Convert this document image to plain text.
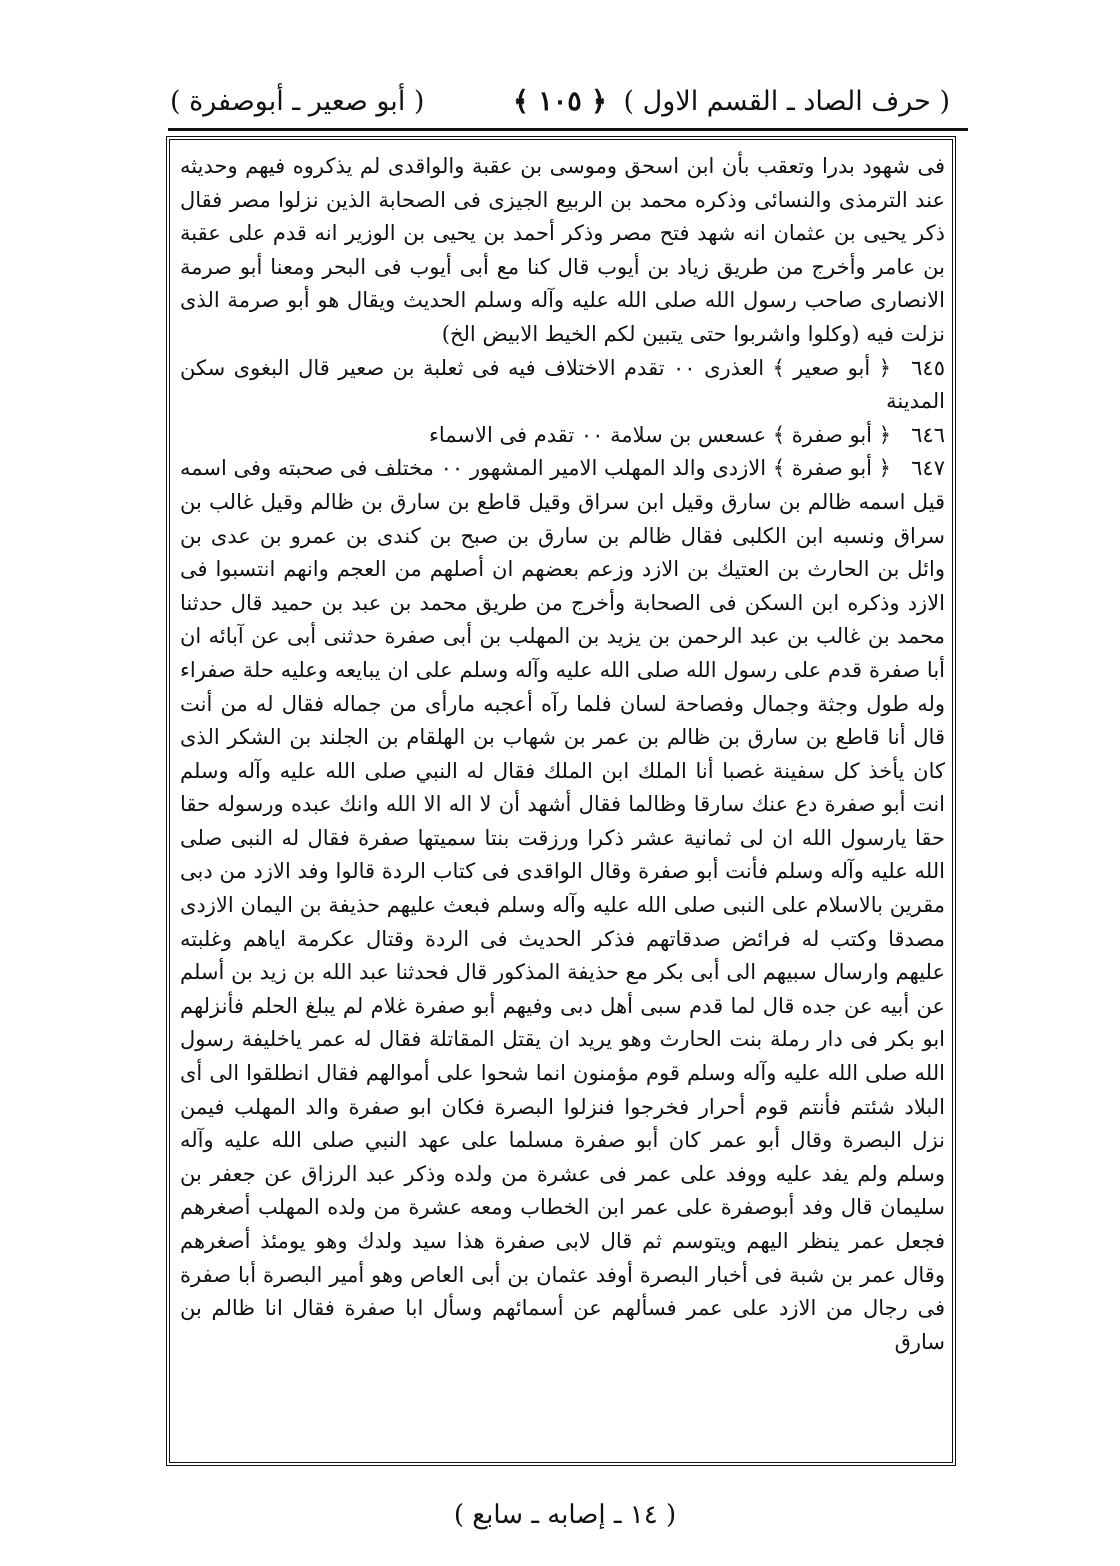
( حرف الصاد ـ القسم الاول )
﴿ ١٠٥ ﴾
( أبو صعير ـ أبوصفرة )

فى شهود بدرا وتعقب بأن ابن اسحق وموسى بن عقبة والواقدى لم يذكروه فيهم وحديثه عند الترمذى والنسائى وذكره محمد بن الربيع الجيزى فى الصحابة الذين نزلوا مصر فقال ذكر يحيى بن عثمان انه شهد فتح مصر وذكر أحمد بن يحيى بن الوزير انه قدم على عقبة بن عامر وأخرج من طريق زياد بن أيوب قال كنا مع أبى أيوب فى البحر ومعنا أبو صرمة الانصارى صاحب رسول الله صلى الله عليه وآله وسلم الحديث ويقال هو أبو صرمة الذى نزلت فيه (وكلوا واشربوا حتى يتبين لكم الخيط الابيض الخ)

٦٤٥﴿ أبو صعير ﴾ العذرى ٠٠ تقدم الاختلاف فيه فى ثعلبة بن صعير قال البغوى سكن المدينة
٦٤٦﴿ أبو صفرة ﴾ عسعس بن سلامة ٠٠ تقدم فى الاسماء
٦٤٧﴿ أبو صفرة ﴾ الازدى والد المهلب الامير المشهور ٠٠ مختلف فى صحبته وفى اسمه قيل اسمه ظالم بن سارق وقيل ابن سراق وقيل قاطع بن سارق بن ظالم وقيل غالب بن سراق ونسبه ابن الكلبى فقال ظالم بن سارق بن صبح بن كندى بن عمرو بن عدى بن وائل بن الحارث بن العتيك بن الازد وزعم بعضهم ان أصلهم من العجم وانهم انتسبوا فى الازد وذكره ابن السكن فى الصحابة وأخرج من طريق محمد بن عبد بن حميد قال حدثنا محمد بن غالب بن عبد الرحمن بن يزيد بن المهلب بن أبى صفرة حدثنى أبى عن آبائه ان أبا صفرة قدم على رسول الله صلى الله عليه وآله وسلم على ان يبايعه وعليه حلة صفراء وله طول وجثة وجمال وفصاحة لسان فلما رآه أعجبه مارأى من جماله فقال له من أنت قال أنا قاطع بن سارق بن ظالم بن عمر بن شهاب بن الهلقام بن الجلند بن الشكر الذى كان يأخذ كل سفينة غصبا أنا الملك ابن الملك فقال له النبي صلى الله عليه وآله وسلم انت أبو صفرة دع عنك سارقا وظالما فقال أشهد أن لا اله الا الله وانك عبده ورسوله حقا حقا يارسول الله ان لى ثمانية عشر ذكرا ورزقت بنتا سميتها صفرة فقال له النبى صلى الله عليه وآله وسلم فأنت أبو صفرة وقال الواقدى فى كتاب الردة قالوا وفد الازد من دبى مقرين بالاسلام على النبى صلى الله عليه وآله وسلم فبعث عليهم حذيفة بن اليمان الازدى مصدقا وكتب له فرائض صدقاتهم فذكر الحديث فى الردة وقتال عكرمة اياهم وغلبته عليهم وارسال سبيهم الى أبى بكر مع حذيفة المذكور قال فحدثنا عبد الله بن زيد بن أسلم عن أبيه عن جده قال لما قدم سبى أهل دبى وفيهم أبو صفرة غلام لم يبلغ الحلم فأنزلهم ابو بكر فى دار رملة بنت الحارث وهو يريد ان يقتل المقاتلة فقال له عمر ياخليفة رسول الله صلى الله عليه وآله وسلم قوم مؤمنون انما شحوا على أموالهم فقال انطلقوا الى أى البلاد شئتم فأنتم قوم أحرار فخرجوا فنزلوا البصرة فكان ابو صفرة والد المهلب فيمن نزل البصرة وقال أبو عمر كان أبو صفرة مسلما على عهد النبي صلى الله عليه وآله وسلم ولم يفد عليه ووفد على عمر فى عشرة من ولده وذكر عبد الرزاق عن جعفر بن سليمان قال وفد أبوصفرة على عمر ابن الخطاب ومعه عشرة من ولده المهلب أصغرهم فجعل عمر ينظر اليهم ويتوسم ثم قال لابى صفرة هذا سيد ولدك وهو يومئذ أصغرهم وقال عمر بن شبة فى أخبار البصرة أوفد عثمان بن أبى العاص وهو أمير البصرة أبا صفرة فى رجال من الازد على عمر فسألهم عن أسمائهم وسأل ابا صفرة فقال انا ظالم بن سارق
( ١٤ ـ إصابه ـ سابع )
